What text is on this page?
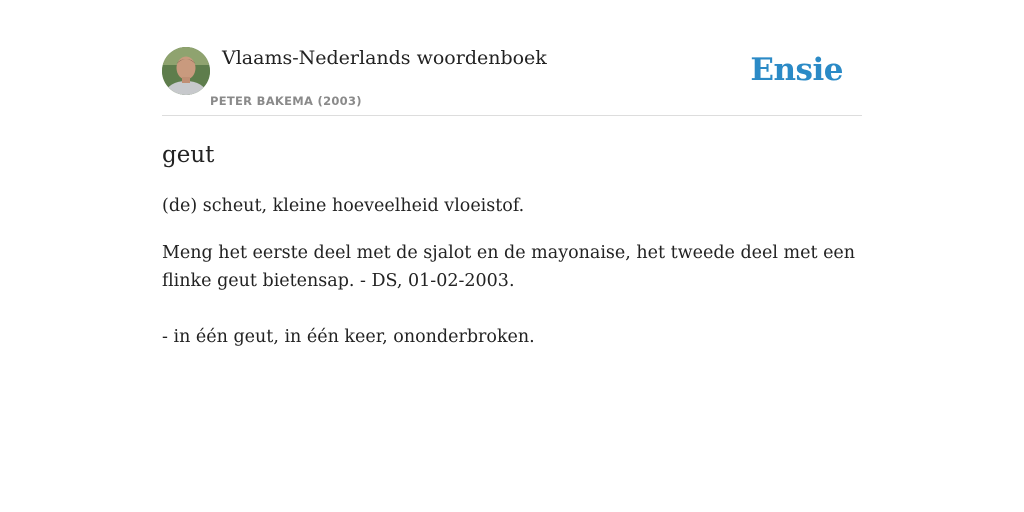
Vlaams-Nederlands woordenboek
PETER BAKEMA (2003)
Ensie
geut

(de) scheut, kleine hoeveelheid vloeistof.

Meng het eerste deel met de sjalot en de mayonaise, het tweede deel met een flinke geut bietensap. - DS, 01-02-2003.

- in één geut, in één keer, ononderbroken.
